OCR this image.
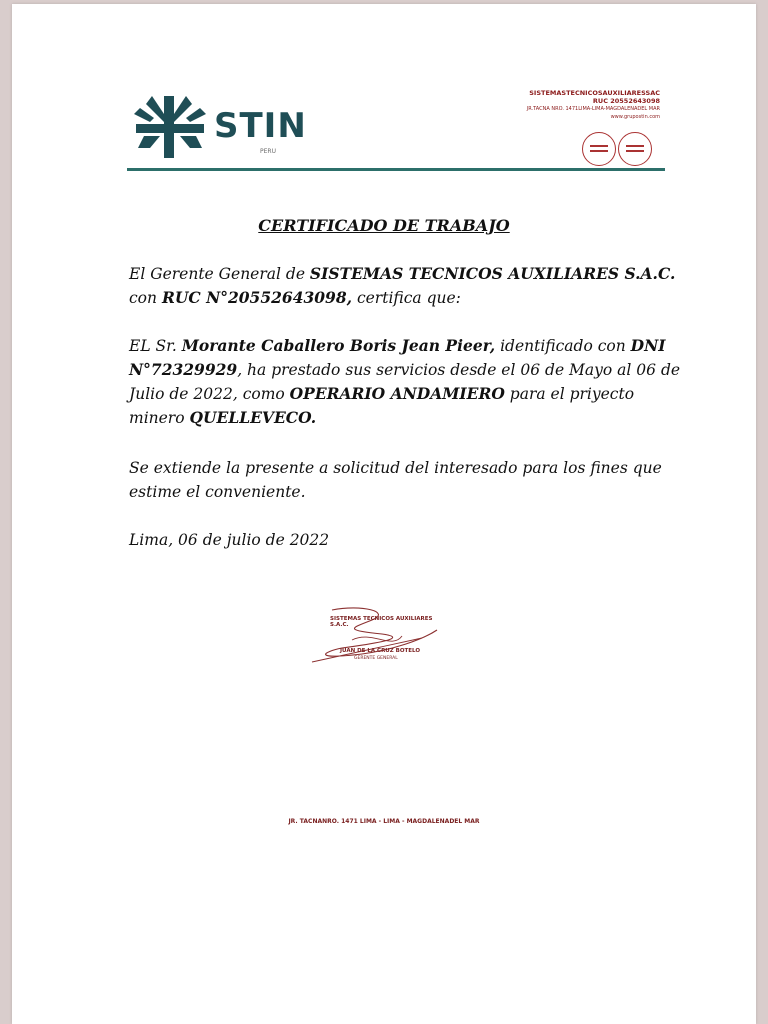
STIN
PERU
SISTEMASTECNICOSAUXILIARESSAC
RUC 20552643098
JR.TACNA NRO. 1471LIMA-LIMA-MAGDALENADEL MAR
www.grupostin.com
CERTIFICADO DE TRABAJO
El Gerente General de SISTEMAS TECNICOS AUXILIARES S.A.C.
con RUC N°20552643098, certifica que:
EL Sr. Morante Caballero Boris Jean Pieer, identificado con DNI N°72329929, ha prestado sus servicios desde el 06 de Mayo al 06 de Julio de 2022, como OPERARIO ANDAMIERO para el priyecto minero QUELLEVECO.
Se extiende la presente a solicitud del interesado para los fines que estime el conveniente.
Lima, 06 de julio de 2022
SISTEMAS TECNICOS AUXILIARES S.A.C.
JUAN DE LA CRUZ BOTELO
GERENTE GENERAL
JR. TACNANRO. 1471 LIMA - LIMA - MAGDALENADEL MAR
